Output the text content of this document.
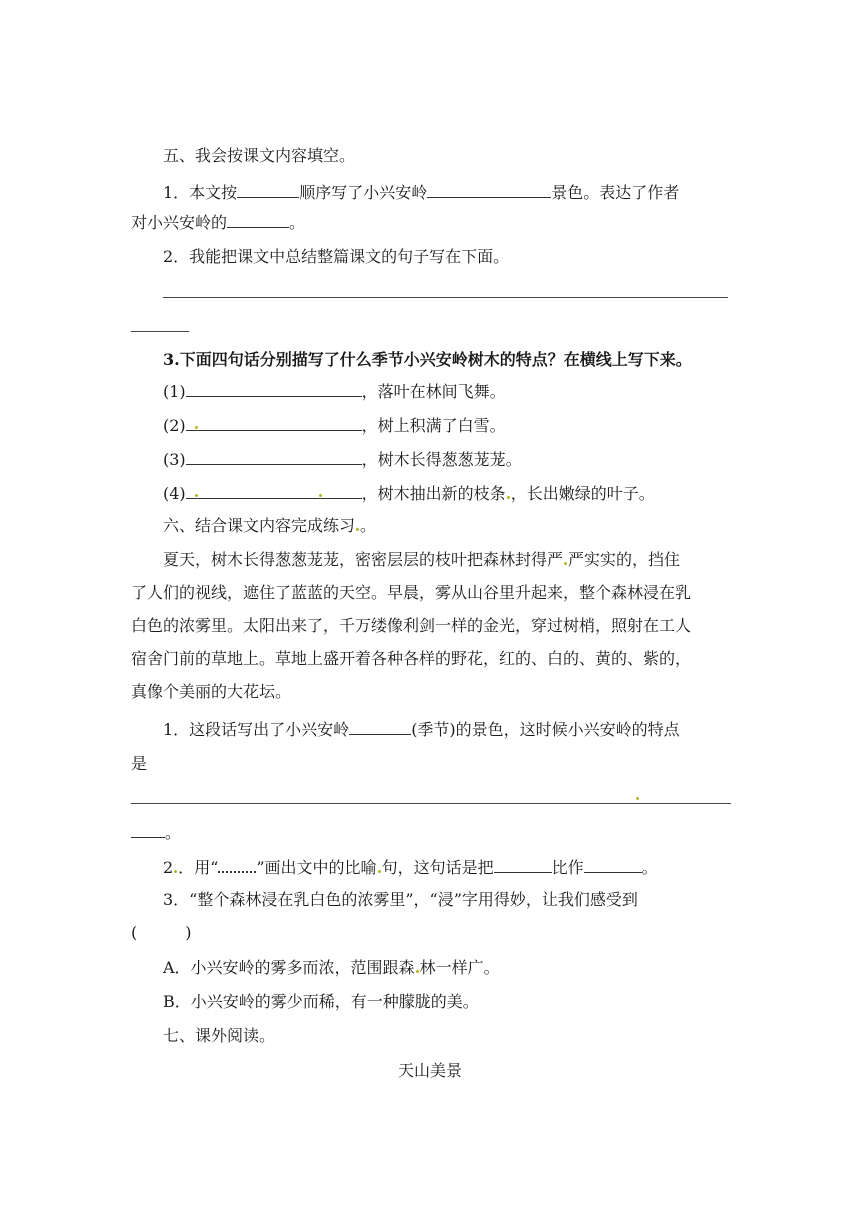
五、我会按课文内容填空。
1．本文按	顺序写了小兴安岭	景色。表达了作者
对小兴安岭的	。
2．我能把课文中总结整篇课文的句子写在下面。
3.下面四句话分别描写了什么季节小兴安岭树木的特点？在横线上写下来。
(1)	，落叶在林间飞舞。
(2)	，树上积满了白雪。
(3)	，树木长得葱葱茏茏。
(4)	，树木抽出新的枝条 ，长出嫩绿的叶子。
六、结合课文内容完成练习 。
夏天，树木长得葱葱茏茏，密密层层的枝叶把森林封得严 严实实的，挡住
了人们的视线，遮住了蓝蓝的天空。早晨，雾从山谷里升起来，整个森林浸在乳
白色的浓雾里。太阳出来了，千万缕像利剑一样的金光，穿过树梢，照射在工人
宿舍门前的草地上。草地上盛开着各种各样的野花，红的、白的、黄的、紫的，
真像个美丽的大花坛。
1．这段话写出了小兴安岭	(季节)的景色，这时候小兴安岭的特点
是
。
2 ．用“ ”画出文中的比喻 句，这句话是把	比作	。
3．“整个森林浸在乳白色的浓雾里”，“浸”字用得妙，让我们感受到
(　　　)
A．小兴安岭的雾多而浓，范围跟森 林一样广。
B．小兴安岭的雾少而稀，有一种朦胧的美。
七、课外阅读。
天山美景
